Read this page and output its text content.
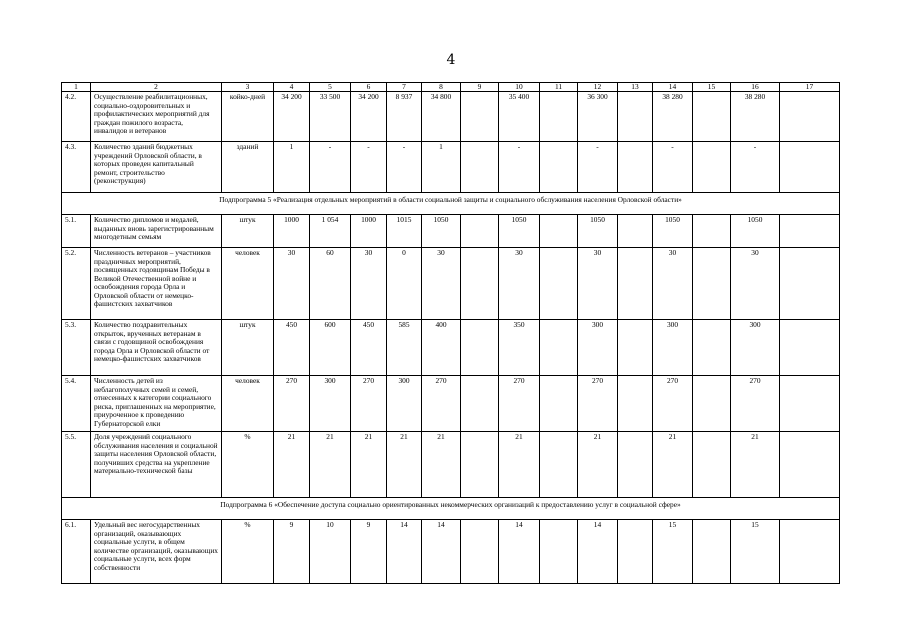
4
1	2	3	4	5	6	7	8	9	10	11	12	13	14	15	16	17
4.2.	Осуществление реабилитационных, социально-оздоровительных и профилактических мероприятий для граждан пожилого возраста, инвалидов и ветеранов	койко-дней	34 200	33 500	34 200	8 937	34 800		35 400		36 300		38 280		38 280	
4.3.	Количество зданий бюджетных учреждений Орловской области, в которых проведен капитальный ремонт, строительство (реконструкция)	зданий	1	-	-	-	1		-		-		-		-	
Подпрограмма 5 «Реализация отдельных мероприятий в области социальной защиты и социального обслуживания населения Орловской области»																
5.1.	Количество дипломов и медалей, выданных вновь зарегистрированным многодетным семьям	штук	1000	1 054	1000	1015	1050		1050		1050		1050		1050	
5.2.	Численность ветеранов – участников праздничных мероприятий, посвященных годовщинам Победы в Великой Отечественной войне и освобождения города Орла и Орловской области от немецко-фашистских захватчиков	человек	30	60	30	0	30		30		30		30		30	
5.3.	Количество поздравительных открыток, врученных ветеранам в связи с годовщиной освобождения города Орла и Орловской области от немецко-фашистских захватчиков	штук	450	600	450	585	400		350		300		300		300	
5.4.	Численность детей из неблагополучных семей и семей, отнесенных к категории социального риска, приглашенных на мероприятие, приуроченное к проведению Губернаторской елки	человек	270	300	270	300	270		270		270		270		270	
5.5.	Доля учреждений социального обслуживания населения и социальной защиты населения Орловской области, получивших средства на укрепление материально-технической базы	%	21	21	21	21	21		21		21		21		21	
Подпрограмма 6 «Обеспечение доступа социально ориентированных некоммерческих организаций к предоставлению услуг в социальной сфере»																
6.1.	Удельный вес негосударственных организаций, оказывающих социальные услуги, в общем количестве организаций, оказывающих социальные услуги, всех форм собственности	%	9	10	9	14	14		14		14		15		15	
